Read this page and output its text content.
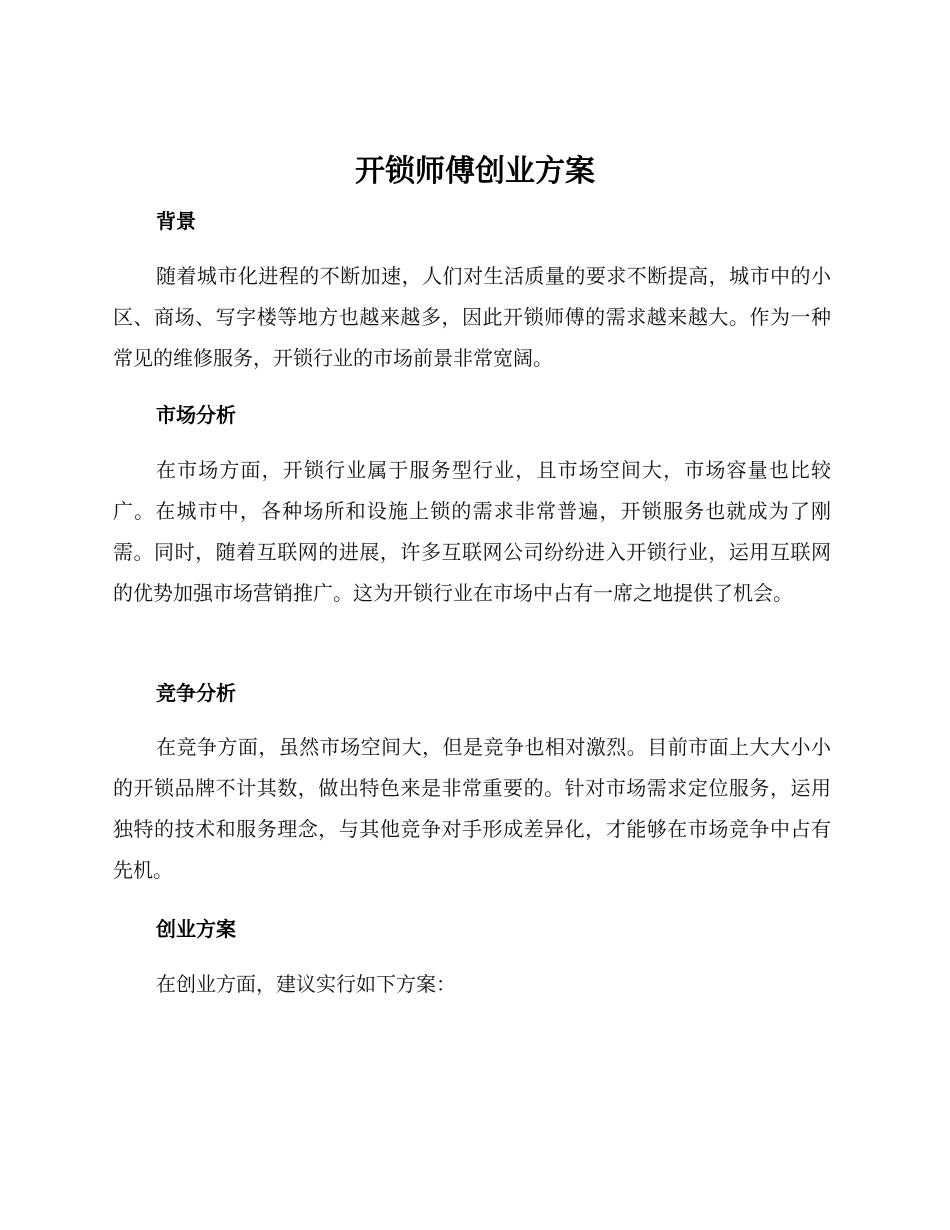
开锁师傅创业方案
背景
随着城市化进程的不断加速，人们对生活质量的要求不断提高，城市中的小区、商场、写字楼等地方也越来越多，因此开锁师傅的需求越来越大。作为一种常见的维修服务，开锁行业的市场前景非常宽阔。
市场分析
在市场方面，开锁行业属于服务型行业，且市场空间大，市场容量也比较广。在城市中，各种场所和设施上锁的需求非常普遍，开锁服务也就成为了刚需。同时，随着互联网的进展，许多互联网公司纷纷进入开锁行业，运用互联网的优势加强市场营销推广。这为开锁行业在市场中占有一席之地提供了机会。
竞争分析
在竞争方面，虽然市场空间大，但是竞争也相对激烈。目前市面上大大小小的开锁品牌不计其数，做出特色来是非常重要的。针对市场需求定位服务，运用独特的技术和服务理念，与其他竞争对手形成差异化，才能够在市场竞争中占有先机。
创业方案
在创业方面，建议实行如下方案：
